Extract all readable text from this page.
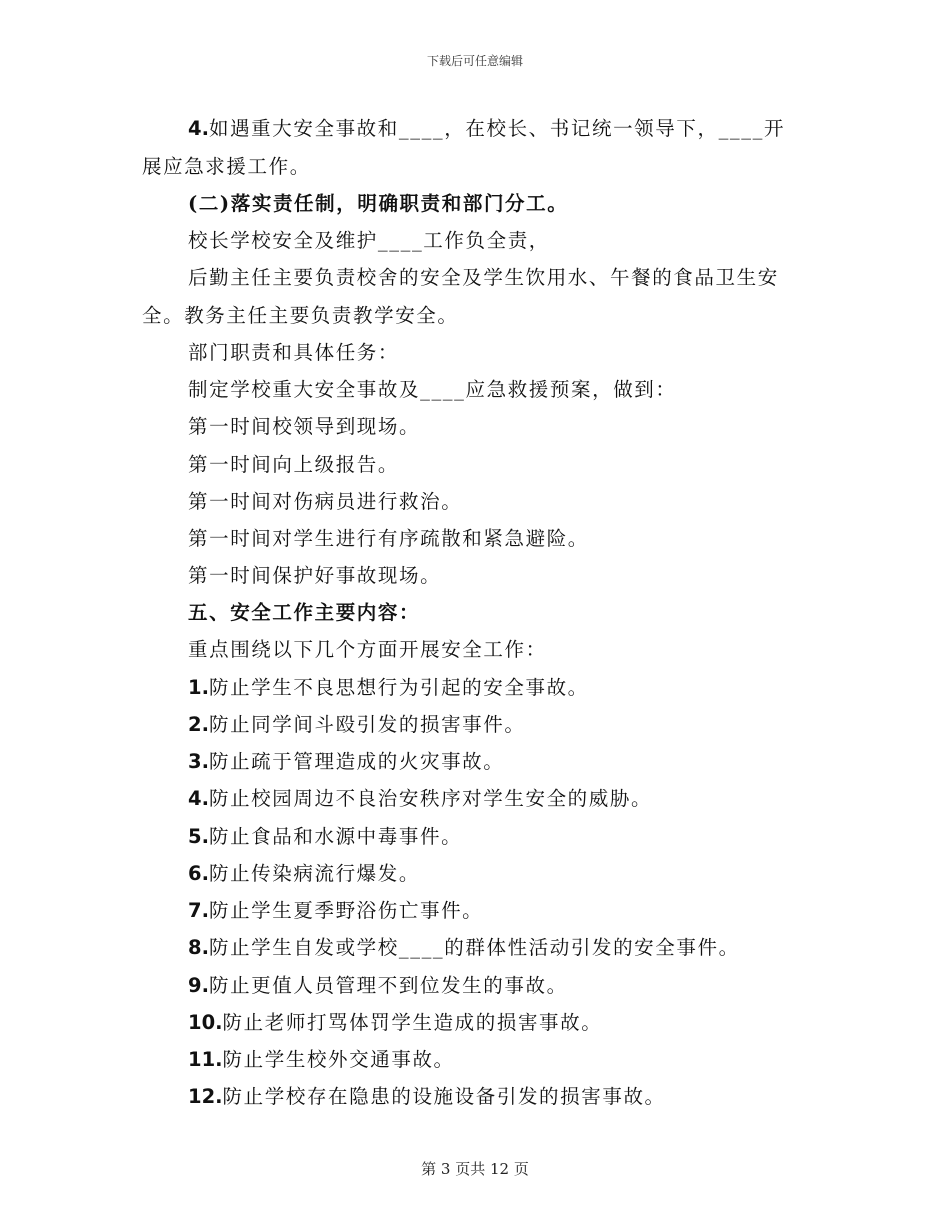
下载后可任意编辑
4.如遇重大安全事故和____，在校长、书记统一领导下，____开
展应急求援工作。
(二)落实责任制，明确职责和部门分工。
校长学校安全及维护____工作负全责，
后勤主任主要负责校舍的安全及学生饮用水、午餐的食品卫生安
全。教务主任主要负责教学安全。
部门职责和具体任务：
制定学校重大安全事故及____应急救援预案，做到：
第一时间校领导到现场。
第一时间向上级报告。
第一时间对伤病员进行救治。
第一时间对学生进行有序疏散和紧急避险。
第一时间保护好事故现场。
五、安全工作主要内容：
重点围绕以下几个方面开展安全工作：
1.防止学生不良思想行为引起的安全事故。
2.防止同学间斗殴引发的损害事件。
3.防止疏于管理造成的火灾事故。
4.防止校园周边不良治安秩序对学生安全的威胁。
5.防止食品和水源中毒事件。
6.防止传染病流行爆发。
7.防止学生夏季野浴伤亡事件。
8.防止学生自发或学校____的群体性活动引发的安全事件。
9.防止更值人员管理不到位发生的事故。
10.防止老师打骂体罚学生造成的损害事故。
11.防止学生校外交通事故。
12.防止学校存在隐患的设施设备引发的损害事故。
第 3 页共 12 页
